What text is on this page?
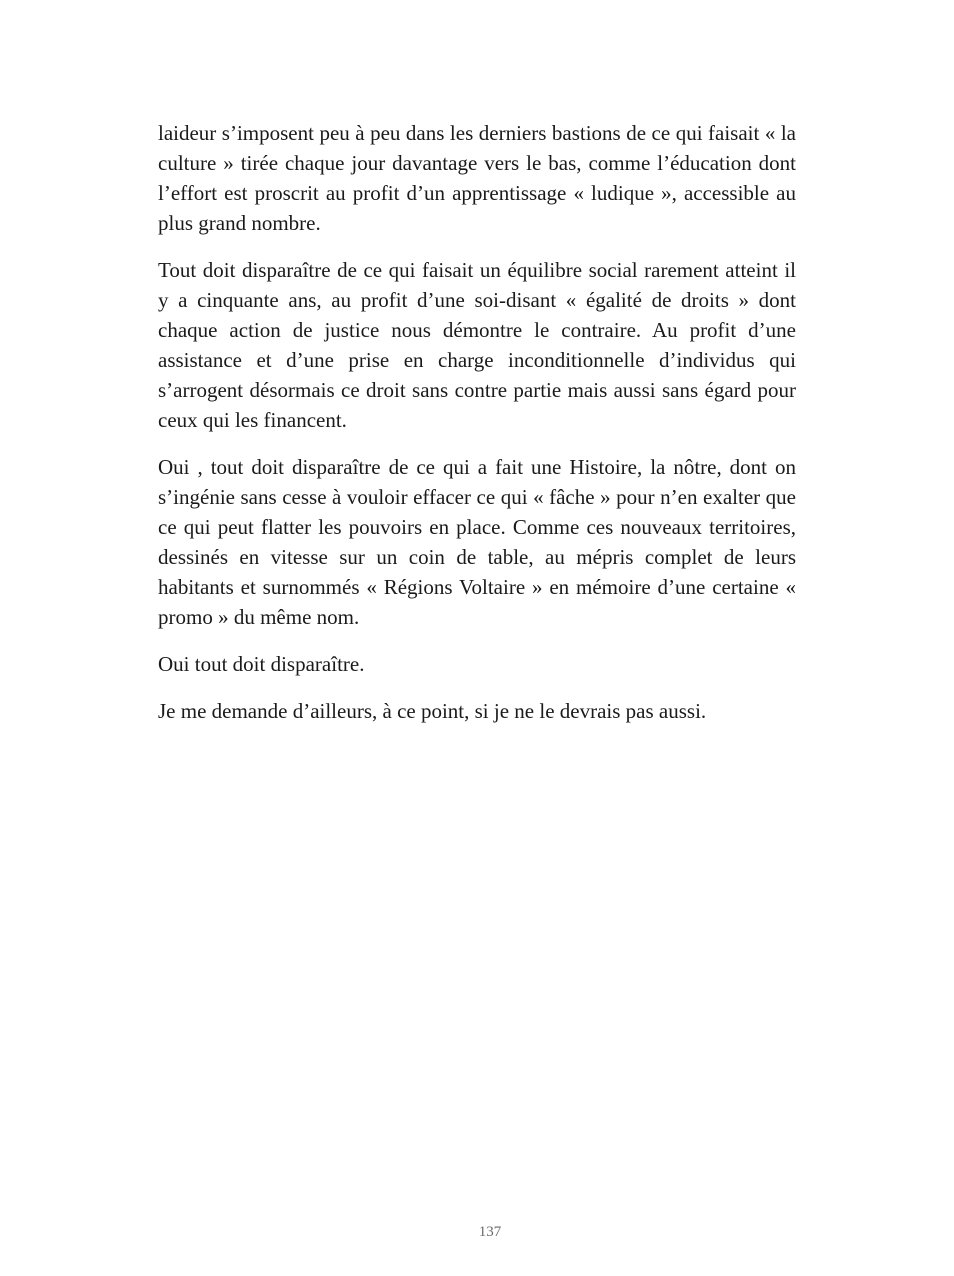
laideur s’imposent peu à peu dans les derniers bastions de ce qui faisait « la culture » tirée chaque jour davantage vers le bas, comme l’éducation dont l’effort est proscrit au profit d’un apprentissage « ludique », accessible au plus grand nombre.

Tout doit disparaître de ce qui faisait un équilibre social rarement atteint il y a cinquante ans, au profit d’une soi-disant « égalité de droits » dont chaque action de justice nous démontre le contraire. Au profit d’une assistance et d’une prise en charge inconditionnelle d’individus qui s’arrogent désormais ce droit sans contre partie mais aussi sans égard pour ceux qui les financent.

Oui , tout doit disparaître de ce qui a fait une Histoire, la nôtre, dont on s’ingénie sans cesse à vouloir effacer ce qui « fâche » pour n’en exalter que ce qui peut flatter les pouvoirs en place. Comme ces nouveaux territoires, dessinés en vitesse sur un coin de table, au mépris complet de leurs habitants et surnommés « Régions Voltaire » en mémoire d’une certaine « promo » du même nom.

Oui tout doit disparaître.

Je me demande d’ailleurs, à ce point, si je ne le devrais pas aussi.

137
